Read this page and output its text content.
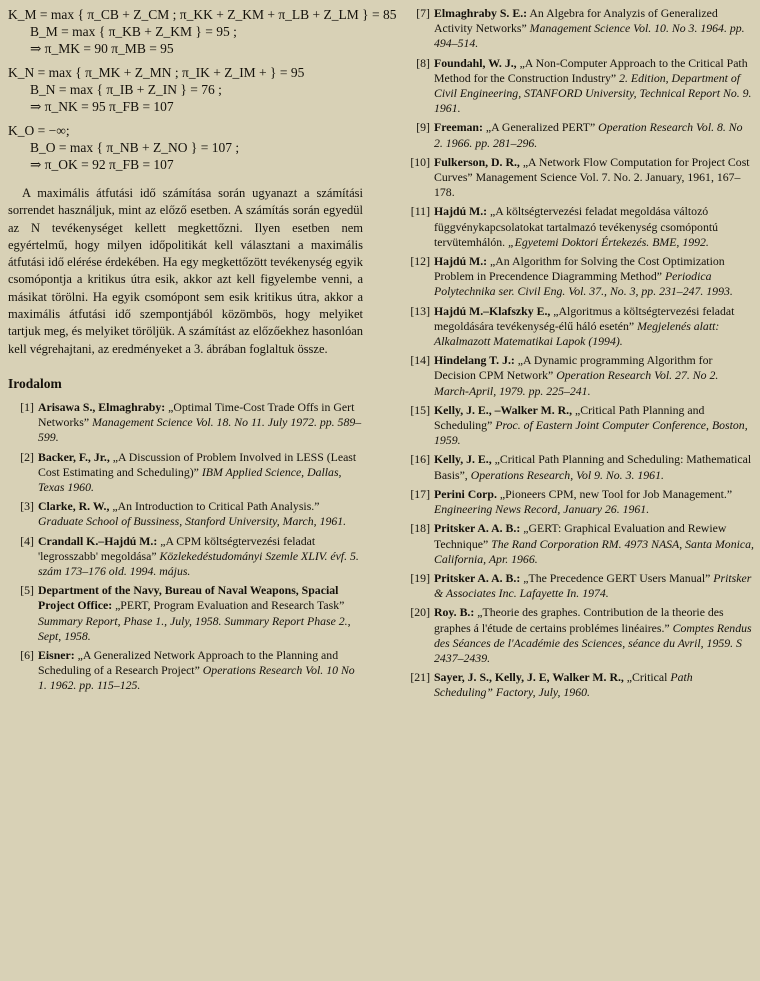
K_M = max { π_CB + Z_CM ; π_KK + Z_KM + π_LB + Z_LM } = 85
B_M = max { π_KB + Z_KM } = 95 ;
⇒ π_MK = 90 π_MB = 95
K_N = max { π_MK + Z_MN ; π_IK + Z_IM + } = 95
B_N = max { π_IB + Z_IN } = 76 ;
⇒ π_NK = 95 π_FB = 107
K_O = −∞;
B_O = max { π_NB + Z_NO } = 107 ;
⇒ π_OK = 92 π_FB = 107

A maximális átfutási idő számítása során ugyanazt a számítási sorrendet használjuk, mint az előző esetben. A számítás során egyedül az N tevékenységet kellett megkettőzni. Ilyen esetben nem egyértelmű, hogy milyen időpolitikát kell választani a maximális átfutási idő elérése érdekében. Ha egy megkettőzött tevékenység egyik csomópontja a kritikus útra esik, akkor azt kell figyelembe venni, a másikat törölni. Ha egyik csomópont sem esik kritikus útra, akkor a maximális átfutási idő szempontjából közömbös, hogy melyiket tartjuk meg, és melyiket töröljük. A számítást az előzőekhez hasonlóan kell végrehajtani, az eredményeket a 3. ábrában foglaltuk össze.

Irodalom
[1] Arisawa S., Elmaghraby: „Optimal Time-Cost Trade Offs in Gert Networks” Management Science Vol. 18. No 11. July 1972. pp. 589–599.
[2] Backer, F., Jr., „A Discussion of Problem Involved in LESS (Least Cost Estimating and Scheduling)” IBM Applied Science, Dallas, Texas 1960.
[3] Clarke, R. W., „An Introduction to Critical Path Analysis.” Graduate School of Bussiness, Stanford University, March, 1961.
[4] Crandall K.–Hajdú M.: „A CPM költségtervezési feladat 'legrosszabb' megoldása” Közlekedéstudományi Szemle XLIV. évf. 5. szám 173–176 old. 1994. május.
[5] Department of the Navy, Bureau of Naval Weapons, Spacial Project Office: „PERT, Program Evaluation and Research Task” Summary Report, Phase 1., July, 1958. Summary Report Phase 2., Sept, 1958.
[6] Eisner: „A Generalized Network Approach to the Planning and Scheduling of a Research Project” Operations Research Vol. 10 No 1. 1962. pp. 115–125.
[7] Elmaghraby S. E.: An Algebra for Analyzis of Generalized Activity Networks” Management Science Vol. 10. No 3. 1964. pp. 494–514.
[8] Foundahl, W. J., „A Non-Computer Approach to the Critical Path Method for the Construction Industry” 2. Edition, Department of Civil Engineering, STANFORD University, Technical Report No. 9. 1961.
[9] Freeman: „A Generalized PERT” Operation Research Vol. 8. No 2. 1966. pp. 281–296.
[10] Fulkerson, D. R., „A Network Flow Computation for Project Cost Curves” Management Science Vol. 7. No. 2. January, 1961, 167–178.
[11] Hajdú M.: „A költségtervezési feladat megoldása változó függvénykapcsolatokat tartalmazó tevékenység csomópontú tervütemhálón. „Egyetemi Doktori Értekezés. BME, 1992.
[12] Hajdú M.: „An Algorithm for Solving the Cost Optimization Problem in Precendence Diagramming Method” Periodica Polytechnika ser. Civil Eng. Vol. 37., No. 3, pp. 231–247. 1993.
[13] Hajdú M.–Klafszky E., „Algoritmus a költségtervezési feladat megoldására tevékenység-élű háló esetén” Megjelenés alatt: Alkalmazott Matematikai Lapok (1994).
[14] Hindelang T. J.: „A Dynamic programming Algorithm for Decision CPM Network” Operation Research Vol. 27. No 2. March-April, 1979. pp. 225–241.
[15] Kelly, J. E., –Walker M. R., „Critical Path Planning and Scheduling” Proc. of Eastern Joint Computer Conference, Boston, 1959.
[16] Kelly, J. E., „Critical Path Planning and Scheduling: Mathematical Basis”, Operations Research, Vol 9. No. 3. 1961.
[17] Perini Corp. „Pioneers CPM, new Tool for Job Management.” Engineering News Record, January 26. 1961.
[18] Pritsker A. A. B.: „GERT: Graphical Evaluation and Rewiew Technique” The Rand Corporation RM. 4973 NASA, Santa Monica, California, Apr. 1966.
[19] Pritsker A. A. B.: „The Precedence GERT Users Manual” Pritsker & Associates Inc. Lafayette In. 1974.
[20] Roy. B.: „Theorie des graphes. Contribution de la theorie des graphes á l'étude de certains problémes linéaires.” Comptes Rendus des Séances de l'Académie des Sciences, séance du Avril, 1959. S 2437–2439.
[21] Sayer, J. S., Kelly, J. E, Walker M. R., „Critical Path Scheduling” Factory, July, 1960.
